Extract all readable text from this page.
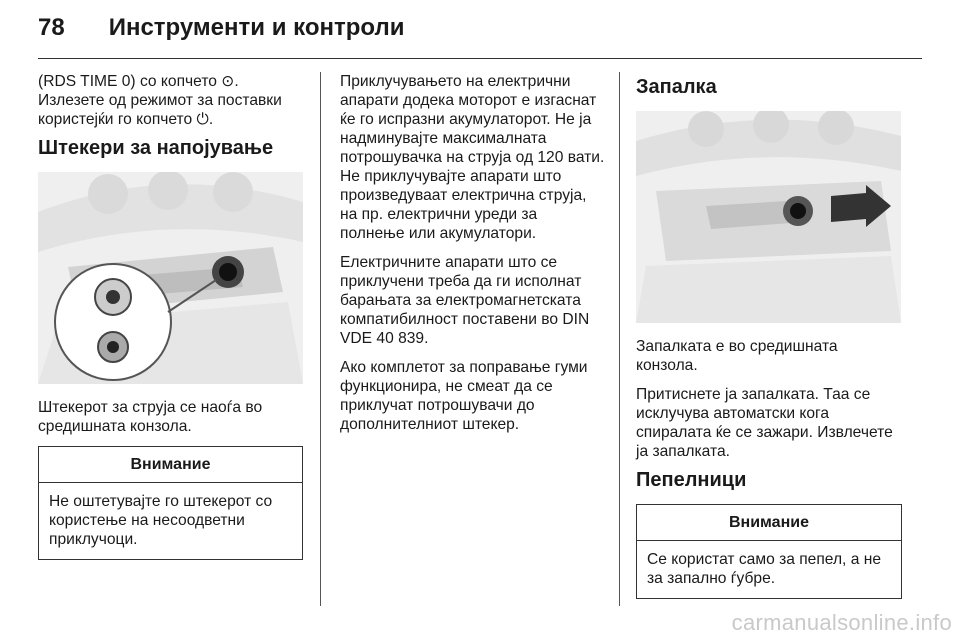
78 Инструменти и контроли

(RDS TIME 0) со копчето ⊙. Излезете од режимот за поставки користејќи го копчето ⏻.

Штекери за напојување

Штекерот за струја се наоѓа во средишната конзола.

Внимание
Не оштетувајте го штекерот со користење на несоодветни приклучоци.

Приклучувањето на електрични апарати додека моторот е изгаснат ќе го испразни акумулаторот. Не ја надминувајте максималната потрошувачка на струја од 120 вати. Не приклучувајте апарати што произведуваат електрична струја, на пр. електрични уреди за полнење или акумулатори.

Електричните апарати што се приклучени треба да ги исполнат барањата за електромагнетската компатибилност поставени во DIN VDE 40 839.

Ако комплетот за поправање гуми функционира, не смеат да се приклучат потрошувачи до дополнителниот штекер.

Запалка

Запалката е во средишната конзола.

Притиснете ја запалката. Таа се исклучува автоматски кога спиралата ќе се зажари. Извлечете ја запалката.

Пепелници
Внимание
Се користат само за пепел, а не за запално ѓубре.
carmanualsonline.info
